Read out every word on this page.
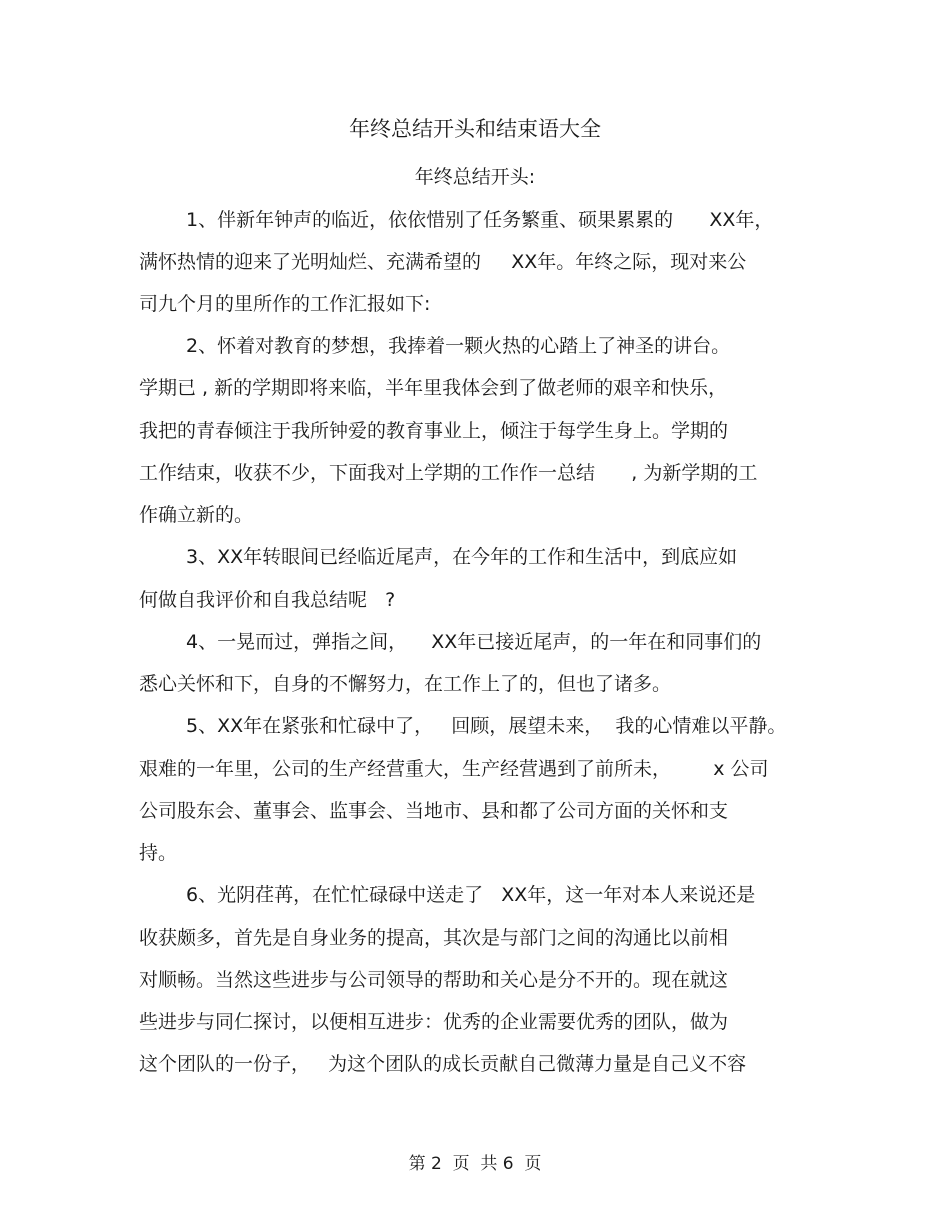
年终总结开头和结束语大全
年终总结开头:
1、伴新年钟声的临近，依依惜别了任务繁重、硕果累累的      XX年，
满怀热情的迎来了光明灿烂、充满希望的     XX年。年终之际，现对来公
司九个月的里所作的工作汇报如下:
2、怀着对教育的梦想，我捧着一颗火热的心踏上了神圣的讲台。
学期已 , 新的学期即将来临，半年里我体会到了做老师的艰辛和快乐，
我把的青春倾注于我所钟爱的教育事业上，倾注于每学生身上。学期的
工作结束，收获不少，下面我对上学期的工作作一总结      , 为新学期的工
作确立新的。
3、XX年转眼间已经临近尾声，在今年的工作和生活中，到底应如
何做自我评价和自我总结呢   ?
4、一晃而过，弹指之间，    XX年已接近尾声，的一年在和同事们的
悉心关怀和下，自身的不懈努力，在工作上了的，但也了诸多。
5、XX年在紧张和忙碌中了，   回顾，展望未来，  我的心情难以平静。
艰难的一年里，公司的生产经营重大，生产经营遇到了前所未，       x 公司
公司股东会、董事会、监事会、当地市、县和都了公司方面的关怀和支
持。
6、光阴荏苒，在忙忙碌碌中送走了   XX年，这一年对本人来说还是
收获颇多，首先是自身业务的提高，其次是与部门之间的沟通比以前相
对顺畅。当然这些进步与公司领导的帮助和关心是分不开的。现在就这
些进步与同仁探讨，以便相互进步：优秀的企业需要优秀的团队，做为
这个团队的一份子，   为这个团队的成长贡献自己微薄力量是自己义不容
第 2  页  共 6  页
